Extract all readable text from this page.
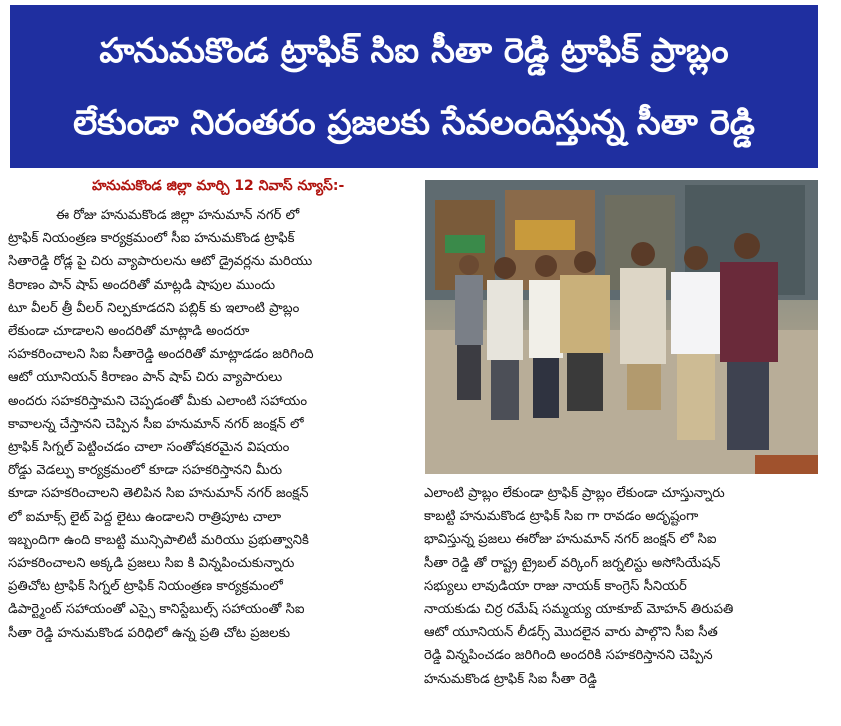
హనుమకొండ ట్రాఫిక్ సిఐ సీతా రెడ్డి ట్రాఫిక్ ప్రాబ్లం
లేకుండా నిరంతరం ప్రజలకు సేవలందిస్తున్న సీతా రెడ్డి
హనుమకొండ జిల్లా మార్చి 12 నివాస్ న్యూస్:-

ఈ రోజు హనుమకొండ జిల్లా హనుమాన్ నగర్ లో

ట్రాఫిక్ నియంత్రణ కార్యక్రమంలో సీఐ హనుమకొండ ట్రాఫిక్

సితారెడ్డి రోడ్ల పై చిరు వ్యాపారులను ఆటో డ్రైవర్లను మరియు

కిరాణం పాన్ షాప్ అందరితో మాట్లడి షాపుల ముందు

టూ వీలర్ త్రీ వీలర్ నిల్పకూడదని పబ్లిక్ కు ఇలాంటి ప్రాబ్లం

లేకుండా చూడాలని అందరితో మాట్లాడి అందరూ

సహకరించాలని సిఐ సీతారెడ్డి అందరితో మాట్లాడడం జరిగింది

ఆటో యూనియన్ కిరాణం పాన్ షాప్ చిరు వ్యాపారులు

అందరు సహకరిస్తామని చెప్పడంతో మీకు ఎలాంటి సహాయం

కావాలన్న చేస్తానని చెప్పిన సీఐ హనుమాన్ నగర్ జంక్షన్ లో

ట్రాఫిక్ సిగ్నల్ పెట్టించడం చాలా సంతోషకరమైన విషయం

రోడ్డు వెడల్పు కార్యక్రమంలో కూడా సహకరిస్తానని మీరు

కూడా సహకరించాలని తెలిపిన సిఐ హనుమాన్ నగర్ జంక్షన్

లో ఐమాక్స్ లైట్ పెద్ద లైటు ఉండాలని రాత్రిపూట చాలా

ఇబ్బందిగా ఉంది కాబట్టి మున్సిపాలిటీ మరియు ప్రభుత్వానికి

సహకరించాలని అక్కడి ప్రజలు సిఐ కి విన్నపించుకున్నారు

ప్రతిచోట ట్రాఫిక్ సిగ్నల్ ట్రాఫిక్ నియంత్రణ కార్యక్రమంలో

డిపార్ట్మెంట్ సహాయంతో ఎస్సై కానిస్టేబుల్స్ సహాయంతో సిఐ

సీతా రెడ్డి హనుమకొండ పరిధిలో ఉన్న ప్రతి చోట ప్రజలకు

ఎలాంటి ప్రాబ్లం లేకుండా ట్రాఫిక్ ప్రాబ్లం లేకుండా చూస్తున్నారు

కాబట్టి హనుమకొండ ట్రాఫిక్ సిఐ గా రావడం అదృష్టంగా

భావిస్తున్న ప్రజలు ఈరోజు హనుమాన్ నగర్ జంక్షన్ లో సిఐ

సీతా రెడ్డి తో రాష్ట్ర ట్రైబల్ వర్కింగ్ జర్నలిస్టు అసోసియేషన్

సభ్యులు లావుడియా రాజు నాయక్ కాంగ్రెస్ సీనియర్

నాయకుడు చిర్ర రమేష్ సమ్మయ్య యాకూబ్ మోహన్ తిరుపతి

ఆటో యూనియన్ లీడర్స్ మొదలైన వారు పాల్గొని సీఐ సీత

రెడ్డి విన్నపించడం జరిగింది అందరికి సహకరిస్తానని చెప్పిన

హనుమకొండ ట్రాఫిక్ సిఐ సీతా రెడ్డి
